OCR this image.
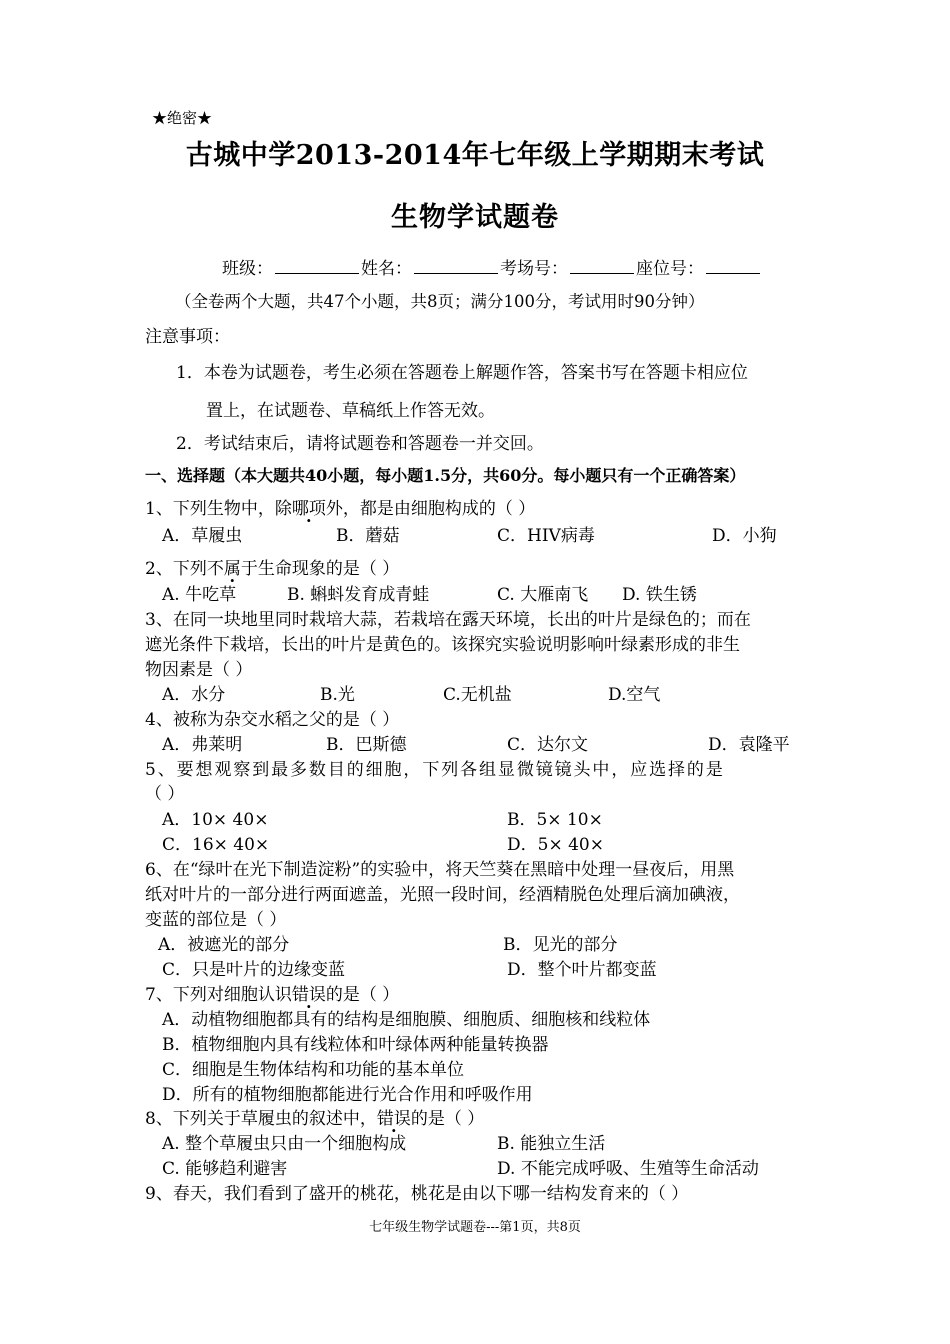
★绝密★
古城中学2013-2014年七年级上学期期末考试
生物学试题卷
班级：	姓名：	考场号：	座位号：
（全卷两个大题，共47个小题，共8页；满分100分，考试用时90分钟）
注意事项：
1．本卷为试题卷，考生必须在答题卷上解题作答，答案书写在答题卡相应位
置上，在试题卷、草稿纸上作答无效。
2．考试结束后，请将试题卷和答题卷一并交回。
一、选择题（本大题共40小题，每小题1.5分，共60分。每小题只有一个正确答案）
1、下列生物中，除哪项外，都是由细胞构成的（ ）
A．草履虫	B．蘑菇	C．HIV病毒	D．小狗
2、下列不属于生命现象的是（ ）
A. 牛吃草	B. 蝌蚪发育成青蛙	C. 大雁南飞 D. 铁生锈
3、在同一块地里同时栽培大蒜，若栽培在露天环境，长出的叶片是绿色的；而在
遮光条件下栽培，长出的叶片是黄色的。该探究实验说明影响叶绿素形成的非生
物因素是（ ）
A．水分	B.光	C.无机盐	D.空气
4、被称为杂交水稻之父的是（ ）
A．弗莱明	B．巴斯德	C．达尔文	D．袁隆平
5、要想观察到最多数目的细胞，下列各组显微镜镜头中，应选择的是
（ ）
A．10× 40×	B．5× 10×
C．16× 40×	D．5× 40×
6、在“绿叶在光下制造淀粉”的实验中，将天竺葵在黑暗中处理一昼夜后，用黑
纸对叶片的一部分进行两面遮盖，光照一段时间，经酒精脱色处理后滴加碘液，
变蓝的部位是（ ）
A．被遮光的部分	B．见光的部分
C．只是叶片的边缘变蓝	D．整个叶片都变蓝
7、下列对细胞认识错误的是（ ）
A．动植物细胞都具有的结构是细胞膜、细胞质、细胞核和线粒体
B．植物细胞内具有线粒体和叶绿体两种能量转换器
C．细胞是生物体结构和功能的基本单位
D．所有的植物细胞都能进行光合作用和呼吸作用
8、下列关于草履虫的叙述中，错误的是（ ）
A. 整个草履虫只由一个细胞构成	B. 能独立生活
C. 能够趋利避害	D. 不能完成呼吸、生殖等生命活动
9、春天，我们看到了盛开的桃花，桃花是由以下哪一结构发育来的（ ）
七年级生物学试题卷---第1页，共8页
